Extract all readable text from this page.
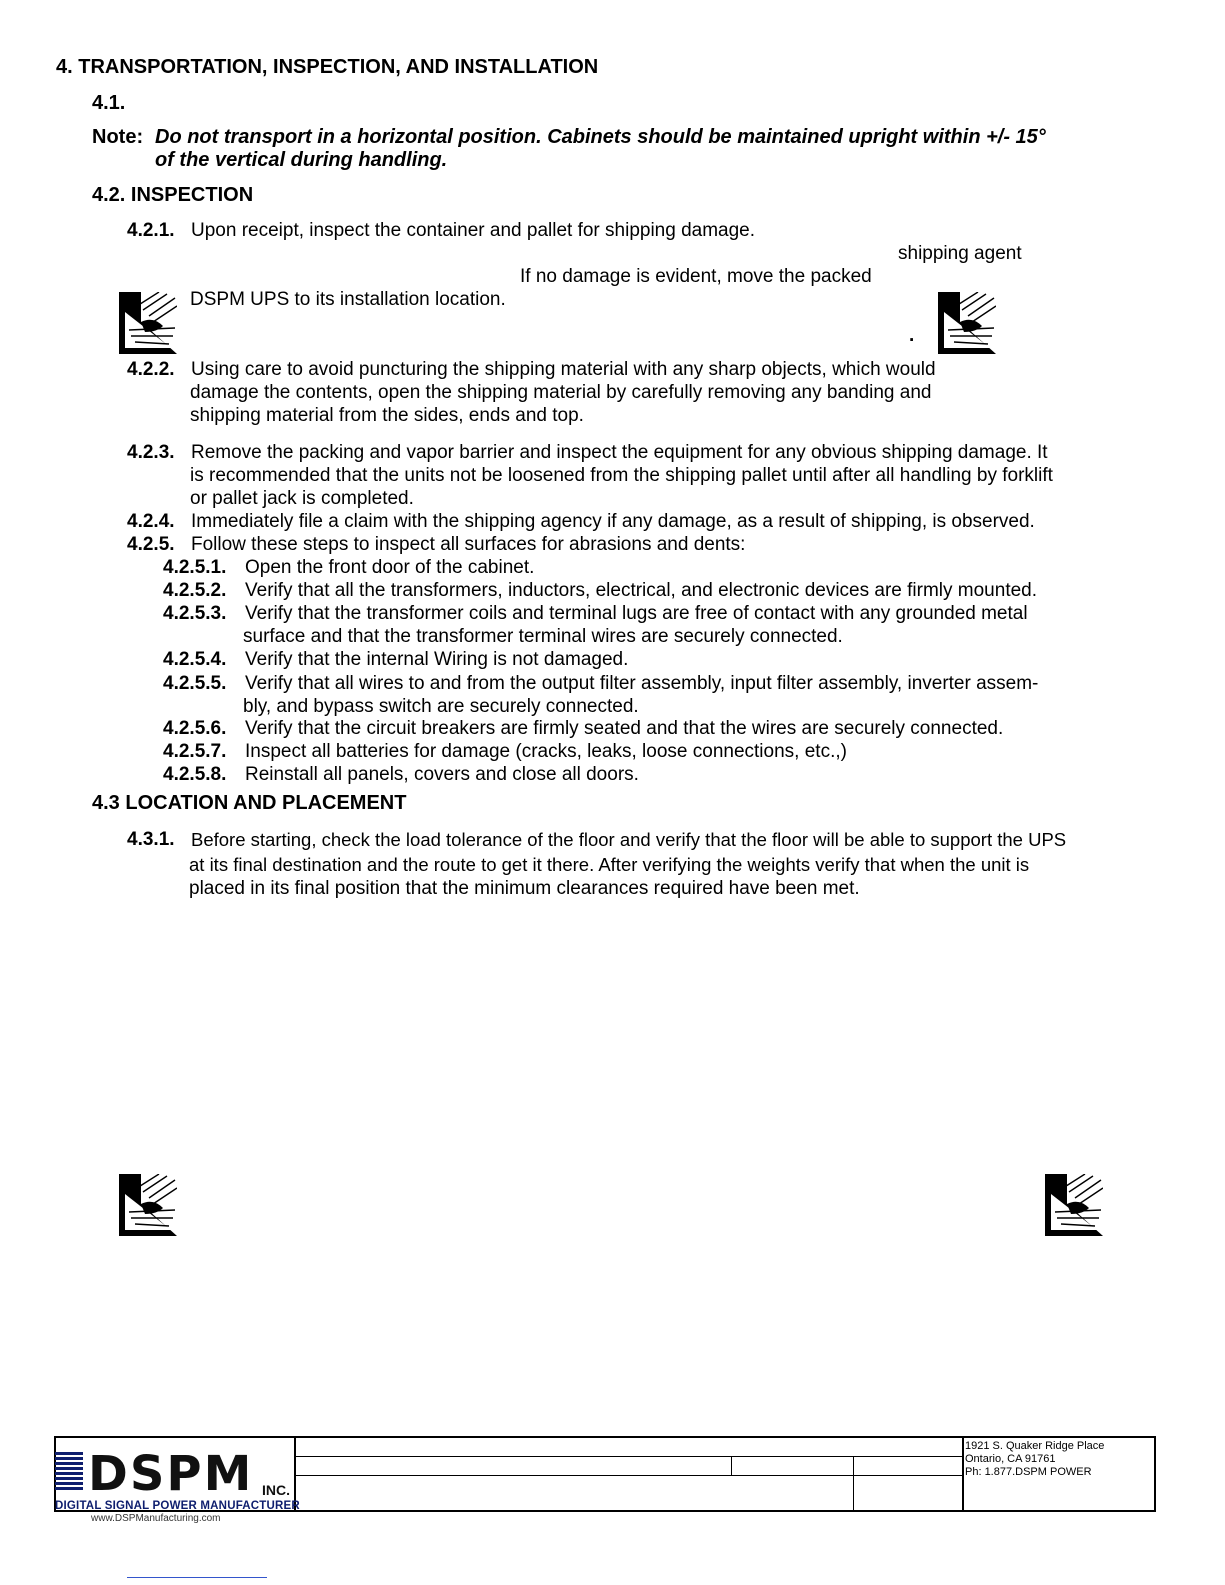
4. TRANSPORTATION, INSPECTION, AND INSTALLATION
4.1.
Note: Do not transport in a horizontal position. Cabinets should be maintained upright within +/- 15°
of the vertical during handling.
4.2. INSPECTION
4.2.1. Upon receipt, inspect the container and pallet for shipping damage.
shipping agent
If no damage is evident, move the packed
DSPM UPS to its installation location.
.
4.2.2. Using care to avoid puncturing the shipping material with any sharp objects, which would
damage the contents, open the shipping material by carefully removing any banding and
shipping material from the sides, ends and top.
4.2.3. Remove the packing and vapor barrier and inspect the equipment for any obvious shipping damage. It
is recommended that the units not be loosened from the shipping pallet until after all handling by forklift
or pallet jack is completed.
4.2.4. Immediately file a claim with the shipping agency if any damage, as a result of shipping, is observed.
4.2.5. Follow these steps to inspect all surfaces for abrasions and dents:
4.2.5.1. Open the front door of the cabinet.
4.2.5.2. Verify that all the transformers, inductors, electrical, and electronic devices are firmly mounted.
4.2.5.3. Verify that the transformer coils and terminal lugs are free of contact with any grounded metal
surface and that the transformer terminal wires are securely connected.
4.2.5.4. Verify that the internal Wiring is not damaged.
4.2.5.5. Verify that all wires to and from the output filter assembly, input filter assembly, inverter assem-
bly, and bypass switch are securely connected.
4.2.5.6. Verify that the circuit breakers are firmly seated and that the wires are securely connected.
4.2.5.7. Inspect all batteries for damage (cracks, leaks, loose connections, etc.,)
4.2.5.8. Reinstall all panels, covers and close all doors.
4.3 LOCATION AND PLACEMENT
4.3.1. Before starting, check the load tolerance of the floor and verify that the floor will be able to support the UPS
at its final destination and the route to get it there. After verifying the weights verify that when the unit is
placed in its final position that the minimum clearances required have been met.
DSPM INC.
DIGITAL SIGNAL POWER MANUFACTURER
www.DSPManufacturing.com
1921 S. Quaker Ridge Place
Ontario, CA 91761
Ph: 1.877.DSPM POWER
